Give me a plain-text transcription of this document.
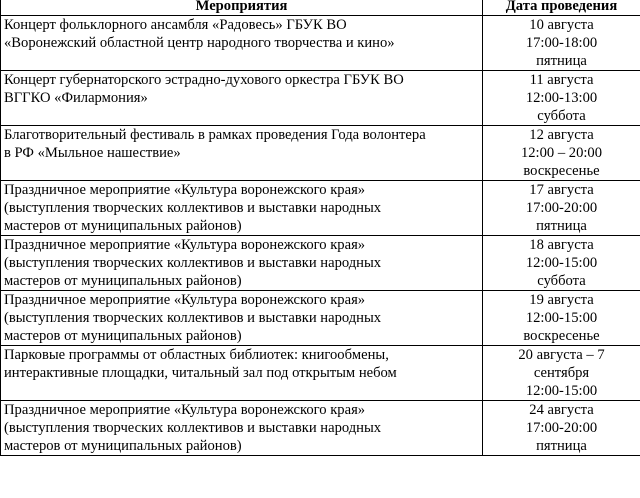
Мероприятия	Дата проведения

Концерт фольклорного ансамбля «Радовесь» ГБУК ВО
«Воронежский областной центр народного творчества и кино»	10 августа
17:00-18:00
пятница

Концерт губернаторского эстрадно-духового оркестра ГБУК ВО
ВГГКО «Филармония»	11 августа
12:00-13:00
суббота

Благотворительный фестиваль в рамках проведения Года волонтера
в РФ «Мыльное нашествие»	12 августа
12:00 – 20:00
воскресенье

Праздничное мероприятие «Культура воронежского края»
(выступления творческих коллективов и выставки народных
мастеров от муниципальных районов)	17 августа
17:00-20:00
пятница

Праздничное мероприятие «Культура воронежского края»
(выступления творческих коллективов и выставки народных
мастеров от муниципальных районов)	18 августа
12:00-15:00
суббота

Праздничное мероприятие «Культура воронежского края»
(выступления творческих коллективов и выставки народных
мастеров от муниципальных районов)	19 августа
12:00-15:00
воскресенье

Парковые программы от областных библиотек: книгообмены,
интерактивные площадки, читальный зал под открытым небом	20 августа – 7
сентября
12:00-15:00

Праздничное мероприятие «Культура воронежского края»
(выступления творческих коллективов и выставки народных
мастеров от муниципальных районов)	24 августа
17:00-20:00
пятница
